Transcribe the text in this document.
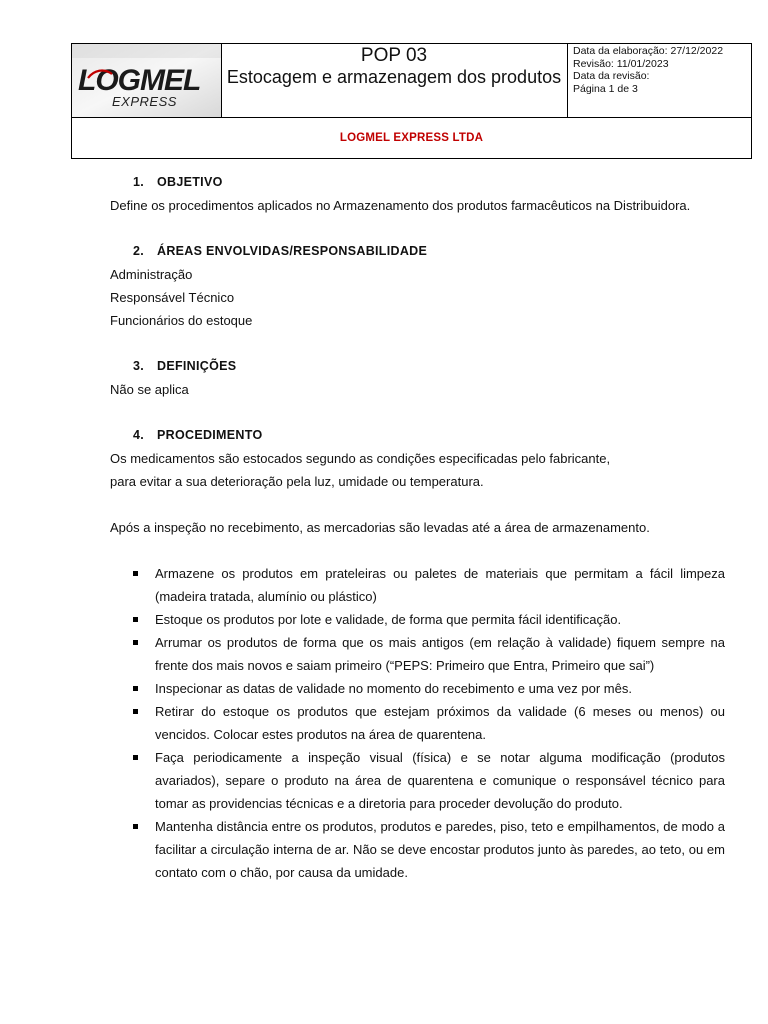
LOGMEL
EXPRESS
POP 03
Estocagem e armazenagem dos produtos
Data da elaboração: 27/12/2022
Revisão: 11/01/2023
Data da revisão:
Página 1 de 3
LOGMEL EXPRESS LTDA
1. OBJETIVO

Define os procedimentos aplicados no Armazenamento dos produtos farmacêuticos na Distribuidora.

2. ÁREAS ENVOLVIDAS/RESPONSABILIDADE

Administração

Responsável Técnico

Funcionários do estoque

3. DEFINIÇÕES

Não se aplica

4. PROCEDIMENTO

Os medicamentos são estocados segundo as condições especificadas pelo fabricante,

para evitar a sua deterioração pela luz, umidade ou temperatura.

Após a inspeção no recebimento, as mercadorias são levadas até a área de armazenamento.

Armazene os produtos em prateleiras ou paletes de materiais que permitam a fácil limpeza (madeira tratada, alumínio ou plástico)
Estoque os produtos por lote e validade, de forma que permita fácil identificação.
Arrumar os produtos de forma que os mais antigos (em relação à validade) fiquem sempre na frente dos mais novos e saiam primeiro (“PEPS: Primeiro que Entra, Primeiro que sai”)
Inspecionar as datas de validade no momento do recebimento e uma vez por mês.
Retirar do estoque os produtos que estejam próximos da validade (6 meses ou menos) ou vencidos. Colocar estes produtos na área de quarentena.
Faça periodicamente a inspeção visual (física) e se notar alguma modificação (produtos avariados), separe o produto na área de quarentena e comunique o responsável técnico para tomar as providencias técnicas e a diretoria para proceder devolução do produto.
Mantenha distância entre os produtos, produtos e paredes, piso, teto e empilhamentos, de modo a facilitar a circulação interna de ar. Não se deve encostar produtos junto às paredes, ao teto, ou em contato com o chão, por causa da umidade.
